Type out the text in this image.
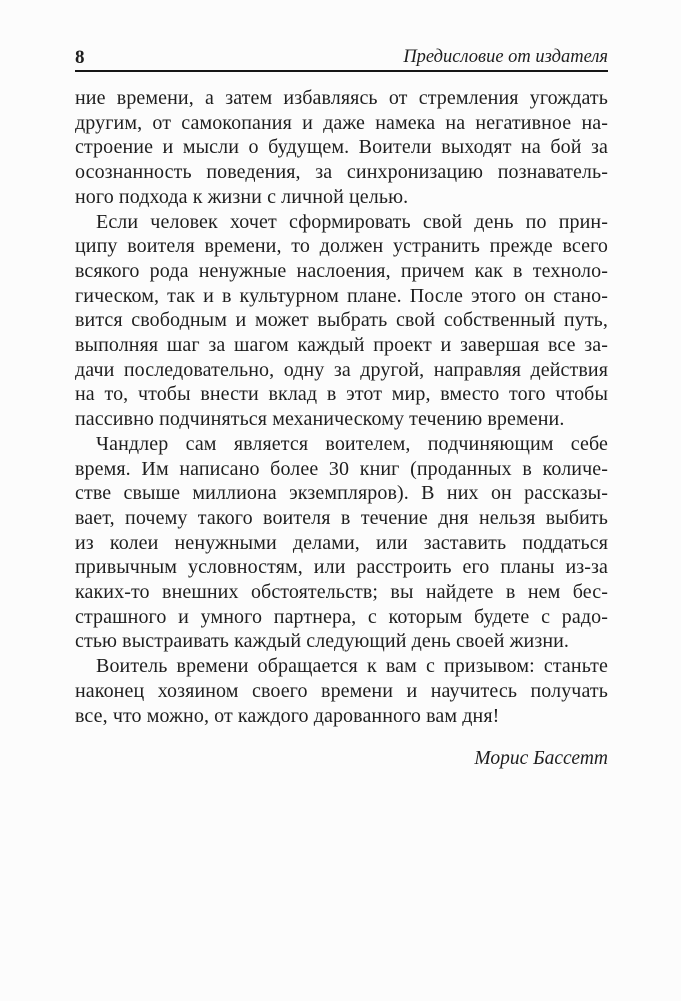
8	Предисловие от издателя
ние времени, а затем избавляясь от стремления угождать
другим, от самокопания и даже намека на негативное на-
строение и мысли о будущем. Воители выходят на бой за
осознанность поведения, за синхронизацию познаватель-
ного подхода к жизни с личной целью.
Если человек хочет сформировать свой день по прин-
ципу воителя времени, то должен устранить прежде всего
всякого рода ненужные наслоения, причем как в техноло-
гическом, так и в культурном плане. После этого он стано-
вится свободным и может выбрать свой собственный путь,
выполняя шаг за шагом каждый проект и завершая все за-
дачи последовательно, одну за другой, направляя действия
на то, чтобы внести вклад в этот мир, вместо того чтобы
пассивно подчиняться механическому течению времени.
Чандлер сам является воителем, подчиняющим себе
время. Им написано более 30 книг (проданных в количе-
стве свыше миллиона экземпляров). В них он рассказы-
вает, почему такого воителя в течение дня нельзя выбить
из колеи ненужными делами, или заставить поддаться
привычным условностям, или расстроить его планы из-за
каких-то внешних обстоятельств; вы найдете в нем бес-
страшного и умного партнера, с которым будете с радо-
стью выстраивать каждый следующий день своей жизни.
Воитель времени обращается к вам с призывом: станьте
наконец хозяином своего времени и научитесь получать
все, что можно, от каждого дарованного вам дня!
Морис Бассетт
